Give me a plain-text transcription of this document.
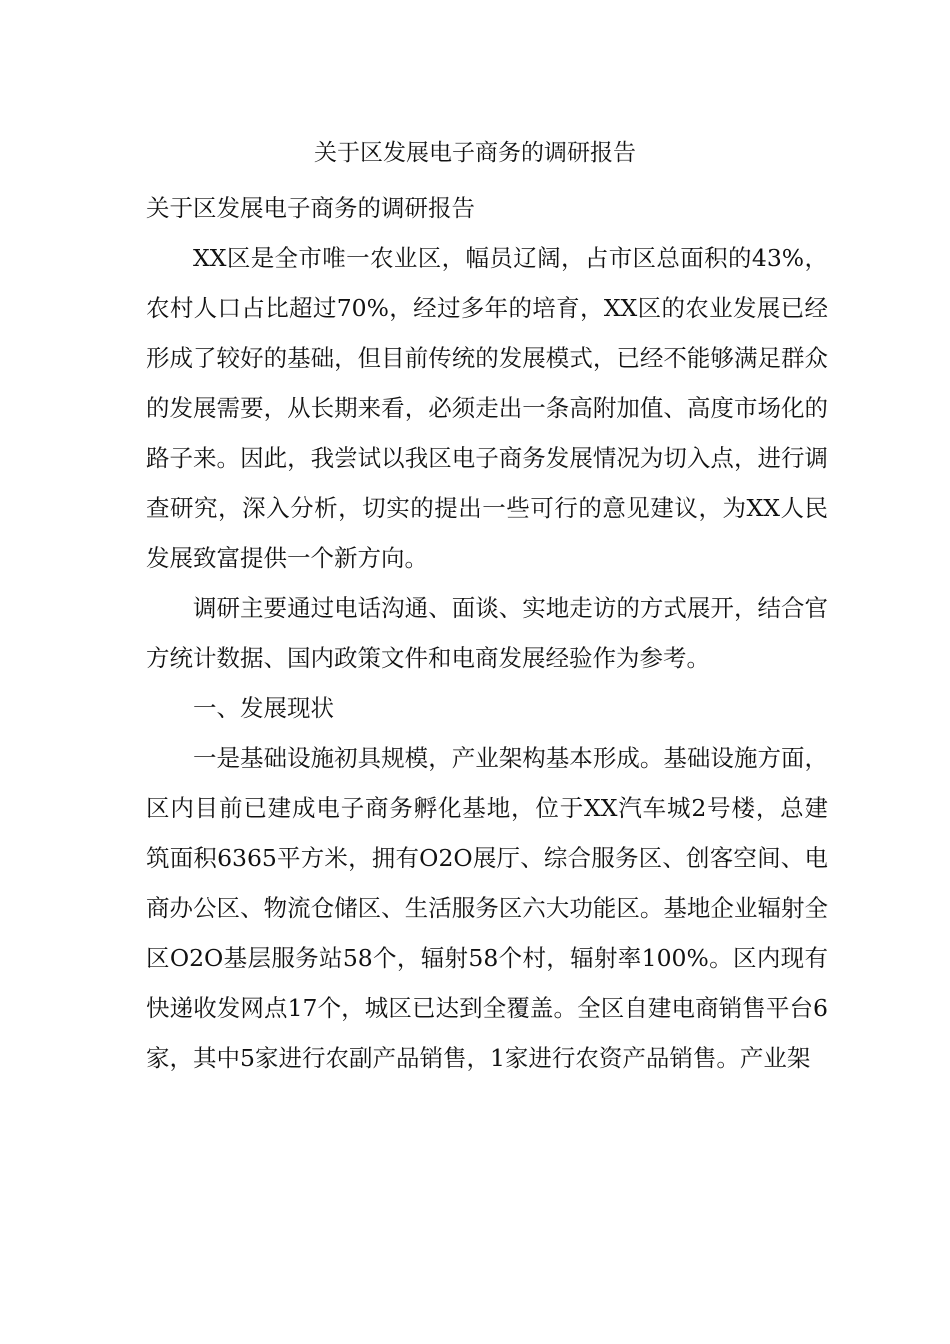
关于区发展电子商务的调研报告

关于区发展电子商务的调研报告

XX区是全市唯一农业区，幅员辽阔，占市区总面积的43%，农村人口占比超过70%，经过多年的培育，XX区的农业发展已经形成了较好的基础，但目前传统的发展模式，已经不能够满足群众的发展需要，从长期来看，必须走出一条高附加值、高度市场化的路子来。因此，我尝试以我区电子商务发展情况为切入点，进行调查研究，深入分析，切实的提出一些可行的意见建议，为XX人民发展致富提供一个新方向。

调研主要通过电话沟通、面谈、实地走访的方式展开，结合官方统计数据、国内政策文件和电商发展经验作为参考。

一、发展现状

一是基础设施初具规模，产业架构基本形成。基础设施方面，区内目前已建成电子商务孵化基地，位于XX汽车城2号楼，总建筑面积6365平方米，拥有O2O展厅、综合服务区、创客空间、电商办公区、物流仓储区、生活服务区六大功能区。基地企业辐射全区O2O基层服务站58个，辐射58个村，辐射率100%。区内现有快递收发网点17个，城区已达到全覆盖。全区自建电商销售平台6家，其中5家进行农副产品销售，1家进行农资产品销售。产业架
